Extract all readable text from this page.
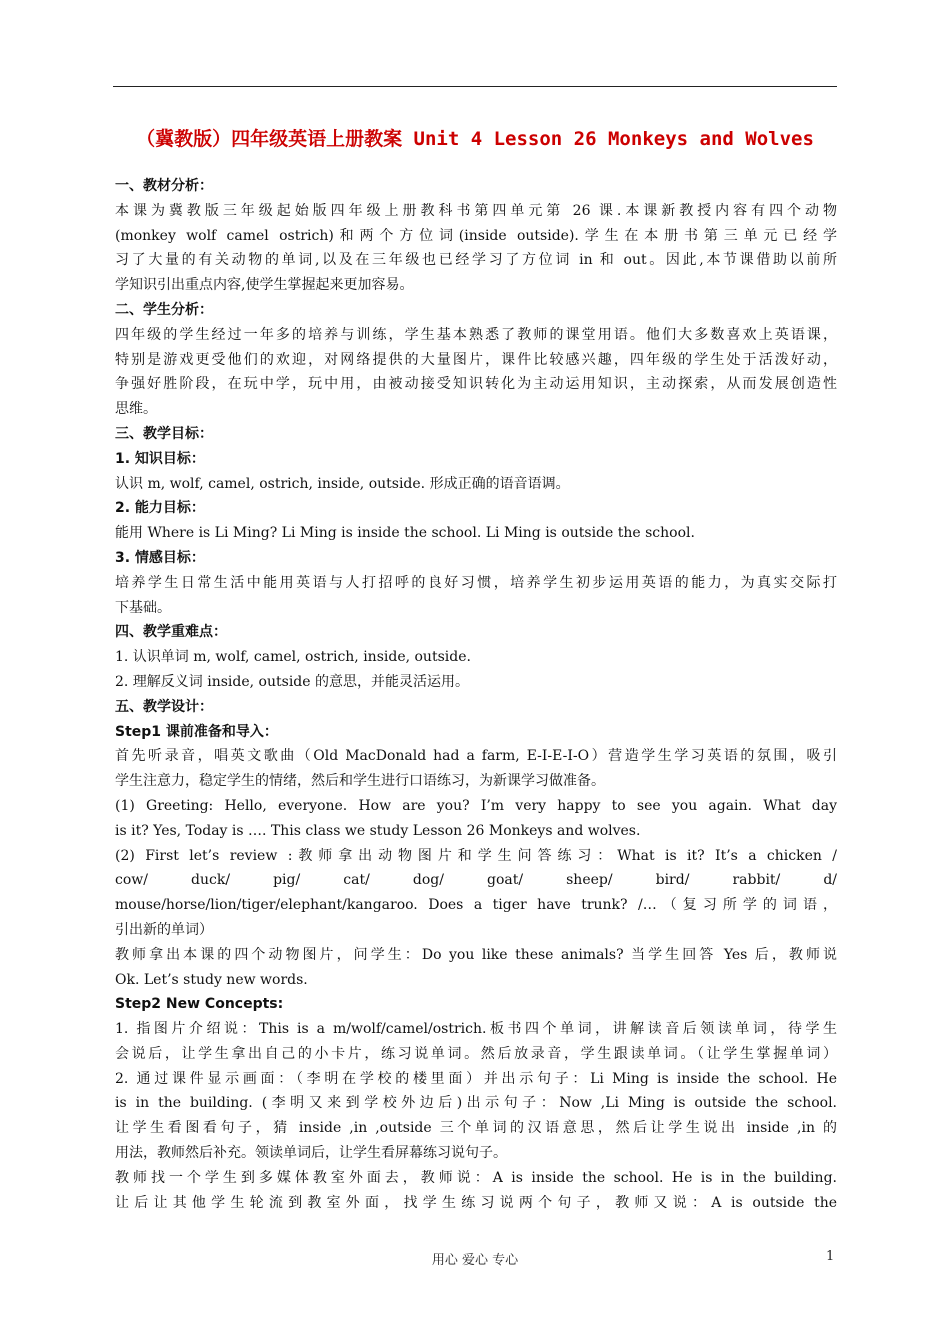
（冀教版）四年级英语上册教案 Unit 4 Lesson 26 Monkeys and Wolves
一、教材分析：
本课为冀教版三年级起始版四年级上册教科书第四单元第 26 课.本课新教授内容有四个动物
(monkey wolf camel ostrich)和两个方位词(inside outside).学生在本册书第三单元已经学
习了大量的有关动物的单词,以及在三年级也已经学习了方位词 in 和 out。因此,本节课借助以前所
学知识引出重点内容,使学生掌握起来更加容易。
二、学生分析：
四年级的学生经过一年多的培养与训练，学生基本熟悉了教师的课堂用语。他们大多数喜欢上英语课，
特别是游戏更受他们的欢迎，对网络提供的大量图片，课件比较感兴趣，四年级的学生处于活泼好动，
争强好胜阶段，在玩中学，玩中用，由被动接受知识转化为主动运用知识，主动探索，从而发展创造性
思维。
三、教学目标：
1. 知识目标：
认识 m, wolf, camel, ostrich, inside, outside. 形成正确的语音语调。
2. 能力目标：
能用 Where is Li Ming? Li Ming is inside the school. Li Ming is outside the school.
3. 情感目标：
培养学生日常生活中能用英语与人打招呼的良好习惯，培养学生初步运用英语的能力，为真实交际打
下基础。
四、教学重难点：
1. 认识单词 m, wolf, camel, ostrich, inside, outside.
2. 理解反义词 inside, outside 的意思，并能灵活运用。
五、教学设计：
Step1 课前准备和导入：
首先听录音，唱英文歌曲（Old MacDonald had a farm, E-I-E-I-O）营造学生学习英语的氛围，吸引
学生注意力，稳定学生的情绪，然后和学生进行口语练习，为新课学习做准备。
(1) Greeting: Hello, everyone. How are you? I’m very happy to see you again. What day
is it? Yes, Today is …. This class we study Lesson 26 Monkeys and wolves.
(2) First let’s review :教师拿出动物图片和学生问答练习：What is it? It’s a chicken /
cow/ duck/ pig/ cat/ dog/ goat/ sheep/ bird/ rabbit/ d/
mouse/horse/lion/tiger/elephant/kangaroo. Does a tiger have trunk? /…（复习所学的词语，
引出新的单词）
教师拿出本课的四个动物图片，问学生：Do you like these animals? 当学生回答 Yes 后，教师说
Ok. Let’s study new words.
Step2 New Concepts:
1. 指图片介绍说：This is a m/wolf/camel/ostrich.板书四个单词，讲解读音后领读单词，待学生
会说后，让学生拿出自己的小卡片，练习说单词。然后放录音，学生跟读单词。（让学生掌握单词）
2. 通过课件显示画面：（李明在学校的楼里面）并出示句子：Li Ming is inside the school. He
is in the building. (李明又来到学校外边后)出示句子：Now ,Li Ming is outside the school.
让学生看图看句子，猜 inside ,in ,outside 三个单词的汉语意思，然后让学生说出 inside ,in 的
用法，教师然后补充。领读单词后，让学生看屏幕练习说句子。
教师找一个学生到多媒体教室外面去，教师说：A is inside the school. He is in the building.
让后让其他学生轮流到教室外面，找学生练习说两个句子，教师又说：A is outside the
用心 爱心 专心	1
